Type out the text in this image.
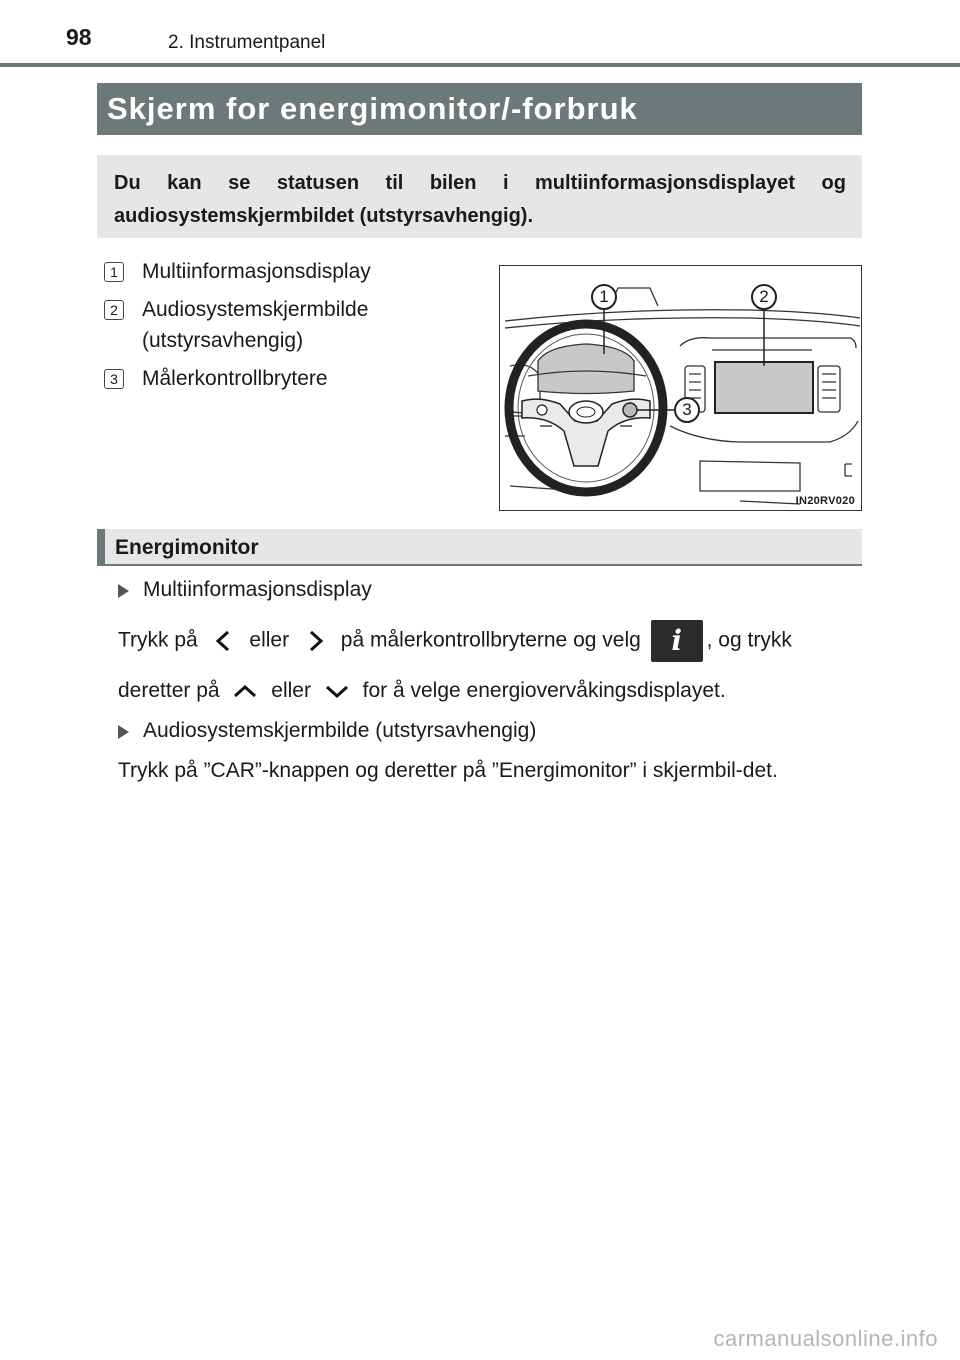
98	2. Instrumentpanel
Skjerm for energimonitor/-forbruk
Du kan se statusen til bilen i multiinformasjonsdisplayet og audiosystemskjermbildet (utstyrsavhengig).
1 Multiinformasjonsdisplay
2 Audiosystemskjermbilde (utstyrsavhengig)
3 Målerkontrollbrytere
1	2
3
IN20RV020
Energimonitor
Multiinformasjonsdisplay
Trykk på eller på målerkontrollbryterne og velg	i	, og trykk
deretter på eller for å velge energiovervåkingsdisplayet.
Audiosystemskjermbilde (utstyrsavhengig)
Trykk på ”CAR”-knappen og deretter på ”Energimonitor” i skjermbil-det.
carmanualsonline.info
